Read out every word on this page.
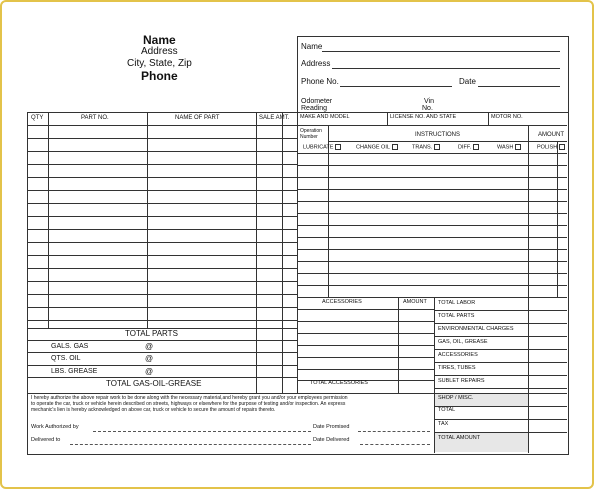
Name
Address
City, State, Zip
Phone
Name
Address
Phone No.	Date
Odometer
Reading
Vin
No.
QTY	PART NO.	NAME OF PART	SALE AMT.
TOTAL PARTS
GALS. GAS	@
QTS. OIL	@
LBS. GREASE	@
TOTAL GAS-OIL-GREASE
MAKE AND MODEL	LICENSE NO. AND STATE	MOTOR NO.
Operation
Number	INSTRUCTIONS	AMOUNT
LUBRICATE	CHANGE OIL	TRANS.	DIFF.	WASH	POLISH
ACCESSORIES	AMOUNT
TOTAL ACCESSORIES
TOTAL LABOR
TOTAL PARTS
ENVIRONMENTAL CHARGES
GAS, OIL, GREASE
ACCESSORIES
TIRES, TUBES
SUBLET REPAIRS
SHOP / MISC.
TOTAL
TAX
TOTAL AMOUNT
I hereby authorize the above repair work to be done along with the necessary material,and hereby grant you and/or your employees permission
to operate the car, truck or vehicle herein described on streets, highways or elsewhere for the purpose of testing and/or inspection. An express
mechanic's lien is hereby acknowledged on above car, truck or vehicle to secure the amount of repairs thereto.
Work Authorized by	Date Promised
Delivered to	Date Delivered
